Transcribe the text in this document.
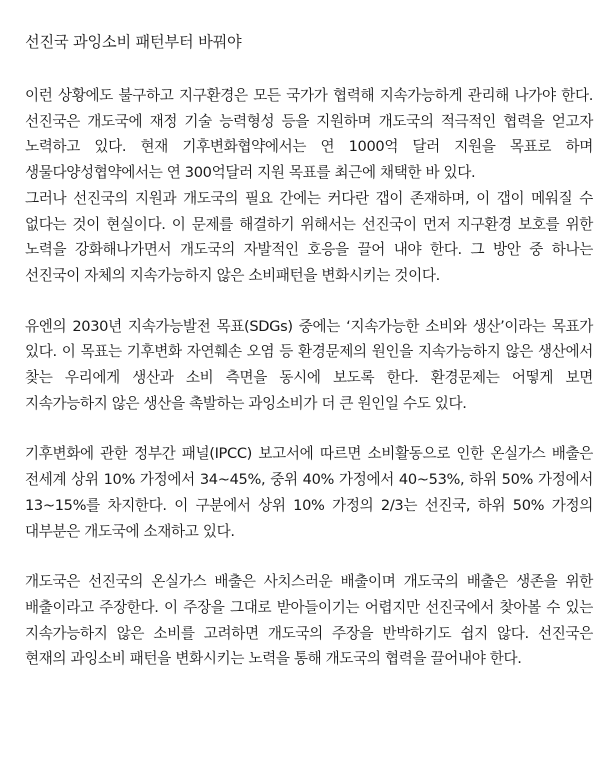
선진국 과잉소비 패턴부터 바꿔야

이런 상황에도 불구하고 지구환경은 모든 국가가 협력해 지속가능하게 관리해 나가야 한다. 선진국은 개도국에 재정 기술 능력형성 등을 지원하며 개도국의 적극적인 협력을 얻고자 노력하고 있다. 현재 기후변화협약에서는 연 1000억 달러 지원을 목표로 하며 생물다양성협약에서는 연 300억달러 지원 목표를 최근에 채택한 바 있다.

그러나 선진국의 지원과 개도국의 필요 간에는 커다란 갭이 존재하며, 이 갭이 메워질 수 없다는 것이 현실이다. 이 문제를 해결하기 위해서는 선진국이 먼저 지구환경 보호를 위한 노력을 강화해나가면서 개도국의 자발적인 호응을 끌어 내야 한다. 그 방안 중 하나는 선진국이 자체의 지속가능하지 않은 소비패턴을 변화시키는 것이다.

유엔의 2030년 지속가능발전 목표(SDGs) 중에는 ‘지속가능한 소비와 생산’이라는 목표가 있다. 이 목표는 기후변화 자연훼손 오염 등 환경문제의 원인을 지속가능하지 않은 생산에서 찾는 우리에게 생산과 소비 측면을 동시에 보도록 한다. 환경문제는 어떻게 보면 지속가능하지 않은 생산을 촉발하는 과잉소비가 더 큰 원인일 수도 있다.

기후변화에 관한 정부간 패널(IPCC) 보고서에 따르면 소비활동으로 인한 온실가스 배출은 전세계 상위 10% 가정에서 34~45%, 중위 40% 가정에서 40~53%, 하위 50% 가정에서 13~15%를 차지한다. 이 구분에서 상위 10% 가정의 2/3는 선진국, 하위 50% 가정의 대부분은 개도국에 소재하고 있다.

개도국은 선진국의 온실가스 배출은 사치스러운 배출이며 개도국의 배출은 생존을 위한 배출이라고 주장한다. 이 주장을 그대로 받아들이기는 어렵지만 선진국에서 찾아볼 수 있는 지속가능하지 않은 소비를 고려하면 개도국의 주장을 반박하기도 쉽지 않다. 선진국은 현재의 과잉소비 패턴을 변화시키는 노력을 통해 개도국의 협력을 끌어내야 한다.
